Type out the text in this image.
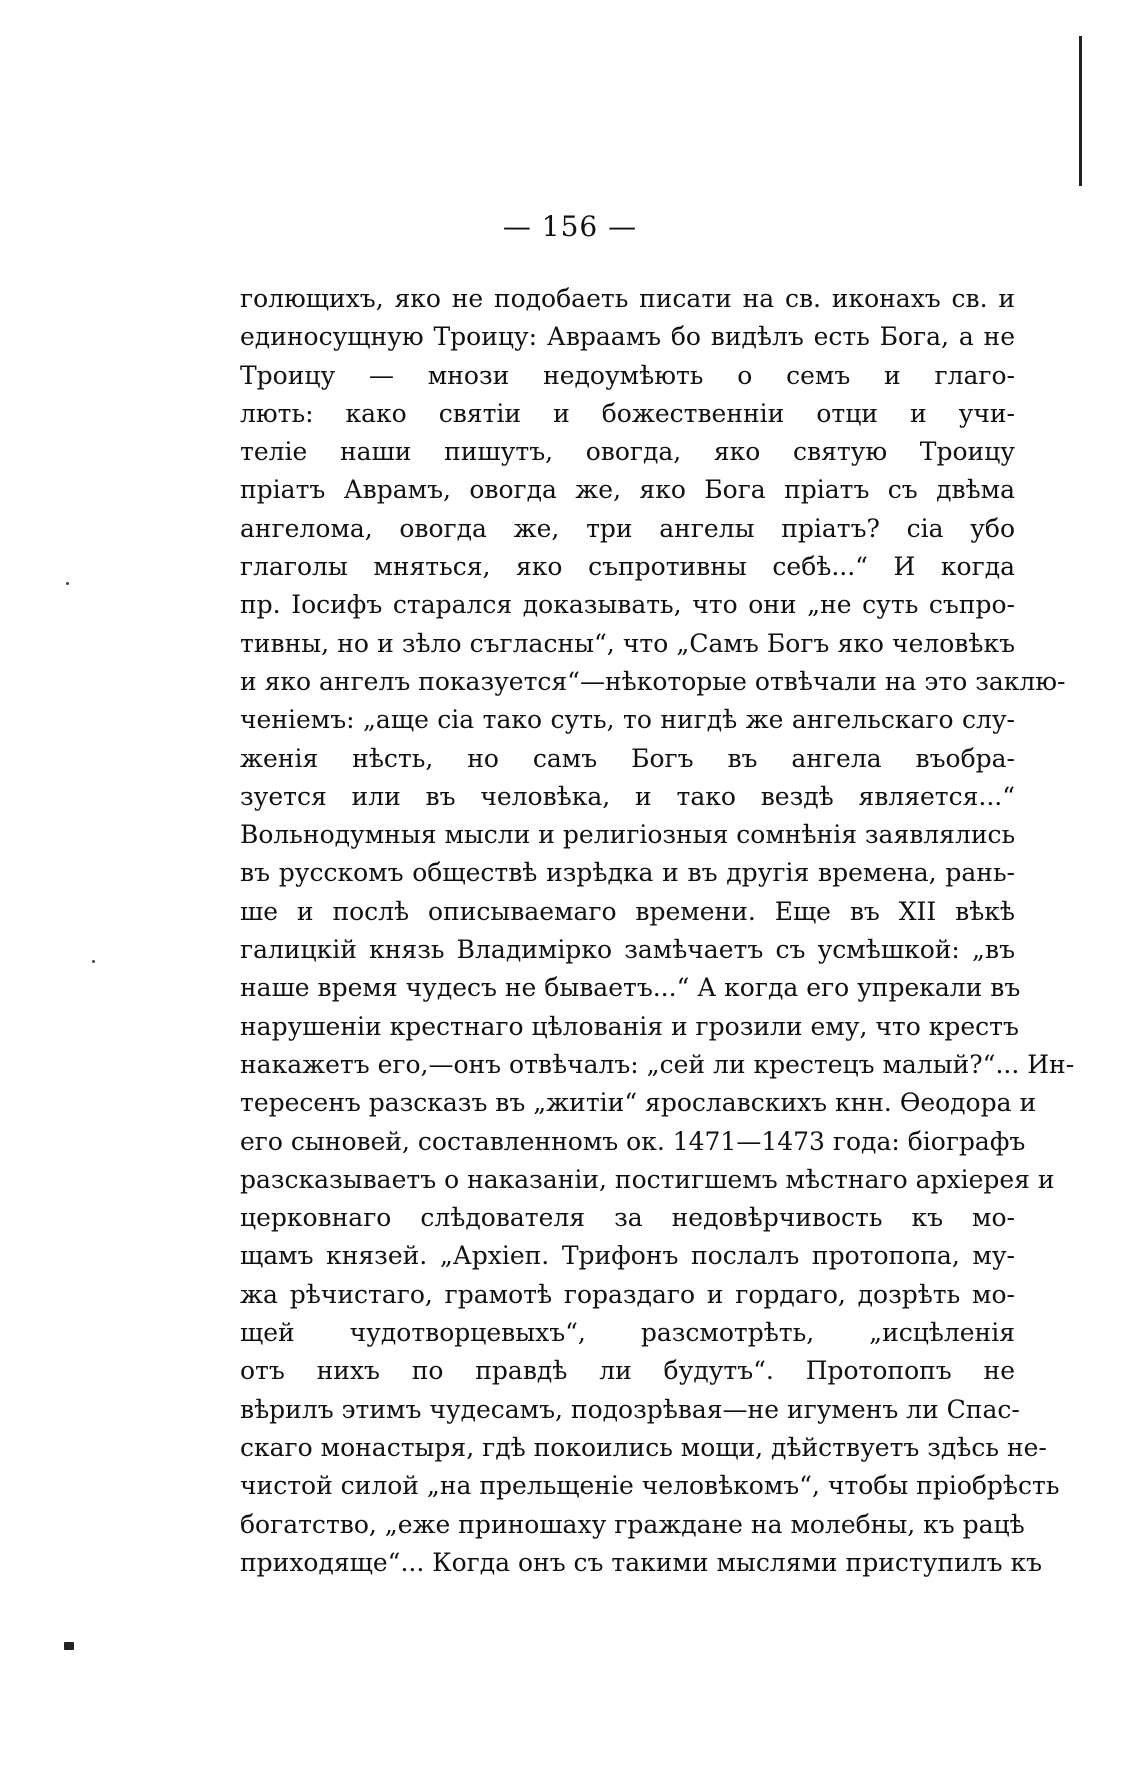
— 156 —
голющихъ, яко не подобаеть писати на св. иконахъ св. и
единосущную Троицу: Авраамъ бо видѣлъ есть Бога, а не
Троицу — мнози недоумѣють о семъ и глаго-
лють: како святіи и божественніи отци и учи-
теліе наши пишутъ, овогда, яко святую Троицу
пріатъ Аврамъ, овогда же, яко Бога пріатъ съ двѣма
ангелома, овогда же, три ангелы пріатъ? сіа убо
глаголы мняться, яко съпротивны себѣ...“ И когда
пр. Іосифъ старался доказывать, что они „не суть съпро-
тивны, но и зѣло съгласны“, что „Самъ Богъ яко человѣкъ
и яко ангелъ показуется“—нѣкоторые отвѣчали на это заклю-
ченіемъ: „аще сіа тако суть, то нигдѣ же ангельскаго слу-
женія нѣсть, но самъ Богъ въ ангела въобра-
зуется или въ человѣка, и тако вездѣ является...“
Вольнодумныя мысли и религіозныя сомнѣнія заявлялись
въ русскомъ обществѣ изрѣдка и въ другія времена, рань-
ше и послѣ описываемаго времени. Еще въ XII вѣкѣ
галицкій князь Владимірко замѣчаетъ съ усмѣшкой: „въ
наше время чудесъ не бываетъ...“ А когда его упрекали въ
нарушеніи крестнаго цѣлованія и грозили ему, что крестъ
накажетъ его,—онъ отвѣчалъ: „сей ли крестецъ малый?“... Ин-
тересенъ разсказъ въ „житіи“ ярославскихъ кнн. Ѳеодора и
его сыновей, составленномъ ок. 1471—1473 года: біографъ
разсказываетъ о наказаніи, постигшемъ мѣстнаго архіерея и
церковнаго слѣдователя за недовѣрчивость къ мо-
щамъ князей. „Архіеп. Трифонъ послалъ протопопа, му-
жа рѣчистаго, грамотѣ гораздаго и гордаго, дозрѣть мо-
щей чудотворцевыхъ“, разсмотрѣть, „исцѣленія
отъ нихъ по правдѣ ли будутъ“. Протопопъ не
вѣрилъ этимъ чудесамъ, подозрѣвая—не игуменъ ли Спас-
скаго монастыря, гдѣ покоились мощи, дѣйствуетъ здѣсь не-
чистой силой „на прельщеніе человѣкомъ“, чтобы пріобрѣсть
богатство, „еже приношаху граждане на молебны, къ рацѣ
приходяще“... Когда онъ съ такими мыслями приступилъ къ
